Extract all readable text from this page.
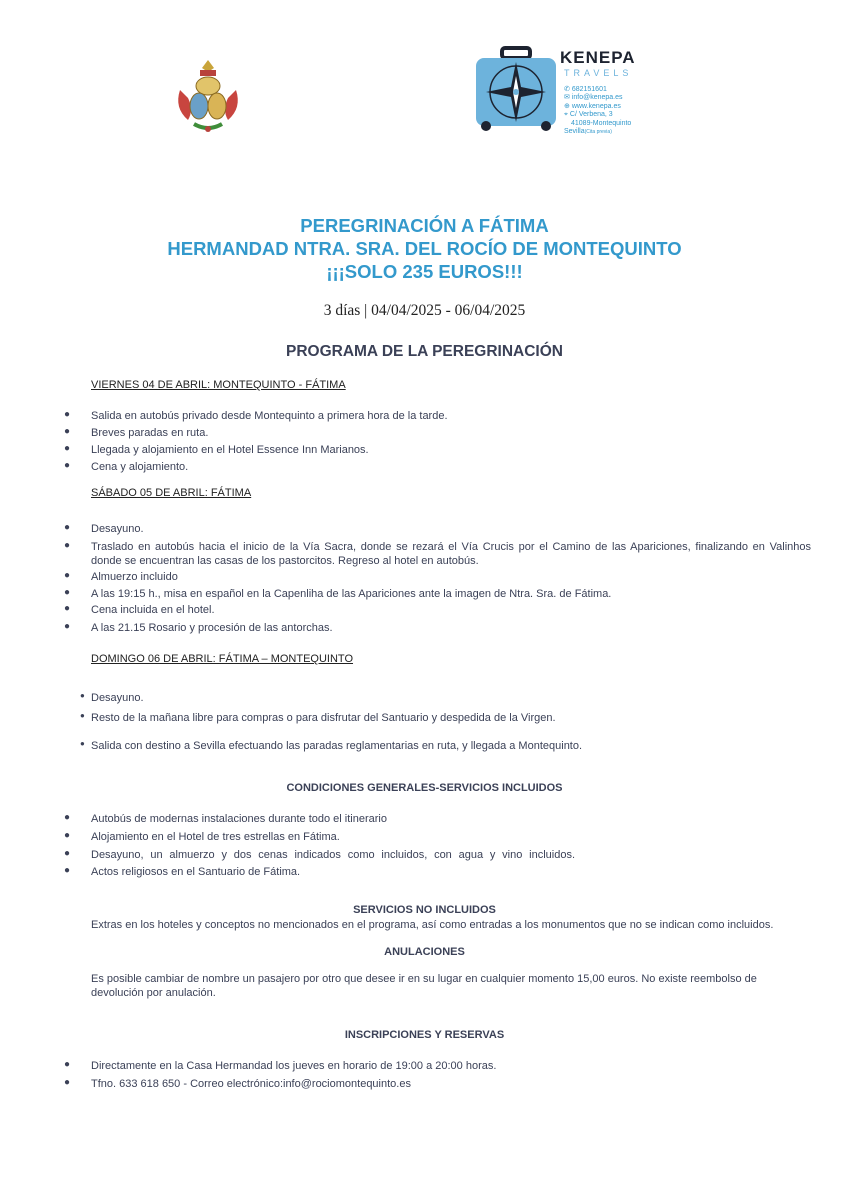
KENEPA
TRAVELS
✆ 682151601
✉ info@kenepa.es
⊕ www.kenepa.es
⌖ C/ Verbena, 3
41089-Montequinto
Sevilla(Cita previa)
PEREGRINACIÓN A FÁTIMA
HERMANDAD NTRA. SRA. DEL ROCÍO DE MONTEQUINTO
¡¡¡SOLO 235 EUROS!!!
3 días | 04/04/2025 - 06/04/2025
PROGRAMA DE LA PEREGRINACIÓN
VIERNES 04 DE ABRIL: MONTEQUINTO - FÁTIMA
● Salida en autobús privado desde Montequinto a primera hora de la tarde.
● Breves paradas en ruta.
● Llegada y alojamiento en el Hotel Essence Inn Marianos.
● Cena y alojamiento.
SÁBADO 05 DE ABRIL: FÁTIMA
● Desayuno.
● Traslado en autobús hacia el inicio de la Vía Sacra, donde se rezará el Vía Crucis por el Camino de las Apariciones, finalizando en Valinhos
donde se encuentran las casas de los pastorcitos. Regreso al hotel en autobús.
● Almuerzo incluido
● A las 19:15 h., misa en español en la Capenliha de las Apariciones ante la imagen de Ntra. Sra. de Fátima.
● Cena incluida en el hotel.
● A las 21.15 Rosario y procesión de las antorchas.
DOMINGO 06 DE ABRIL: FÁTIMA – MONTEQUINTO
● Desayuno.
● Resto de la mañana libre para compras o para disfrutar del Santuario y despedida de la Virgen.
● Salida con destino a Sevilla efectuando las paradas reglamentarias en ruta, y llegada a Montequinto.
CONDICIONES GENERALES-SERVICIOS INCLUIDOS
● Autobús de modernas instalaciones durante todo el itinerario
● Alojamiento en el Hotel de tres estrellas en Fátima.
● Desayuno, un almuerzo y dos cenas indicados como incluidos, con agua y vino incluidos.
● Actos religiosos en el Santuario de Fátima.
SERVICIOS NO INCLUIDOS
Extras en los hoteles y conceptos no mencionados en el programa, así como entradas a los monumentos que no se indican como incluidos.
ANULACIONES
Es posible cambiar de nombre un pasajero por otro que desee ir en su lugar en cualquier momento 15,00 euros. No existe reembolso de
devolución por anulación.
INSCRIPCIONES Y RESERVAS
● Directamente en la Casa Hermandad los jueves en horario de 19:00 a 20:00 horas.
● Tfno. 633 618 650 - Correo electrónico:info@rociomontequinto.es
